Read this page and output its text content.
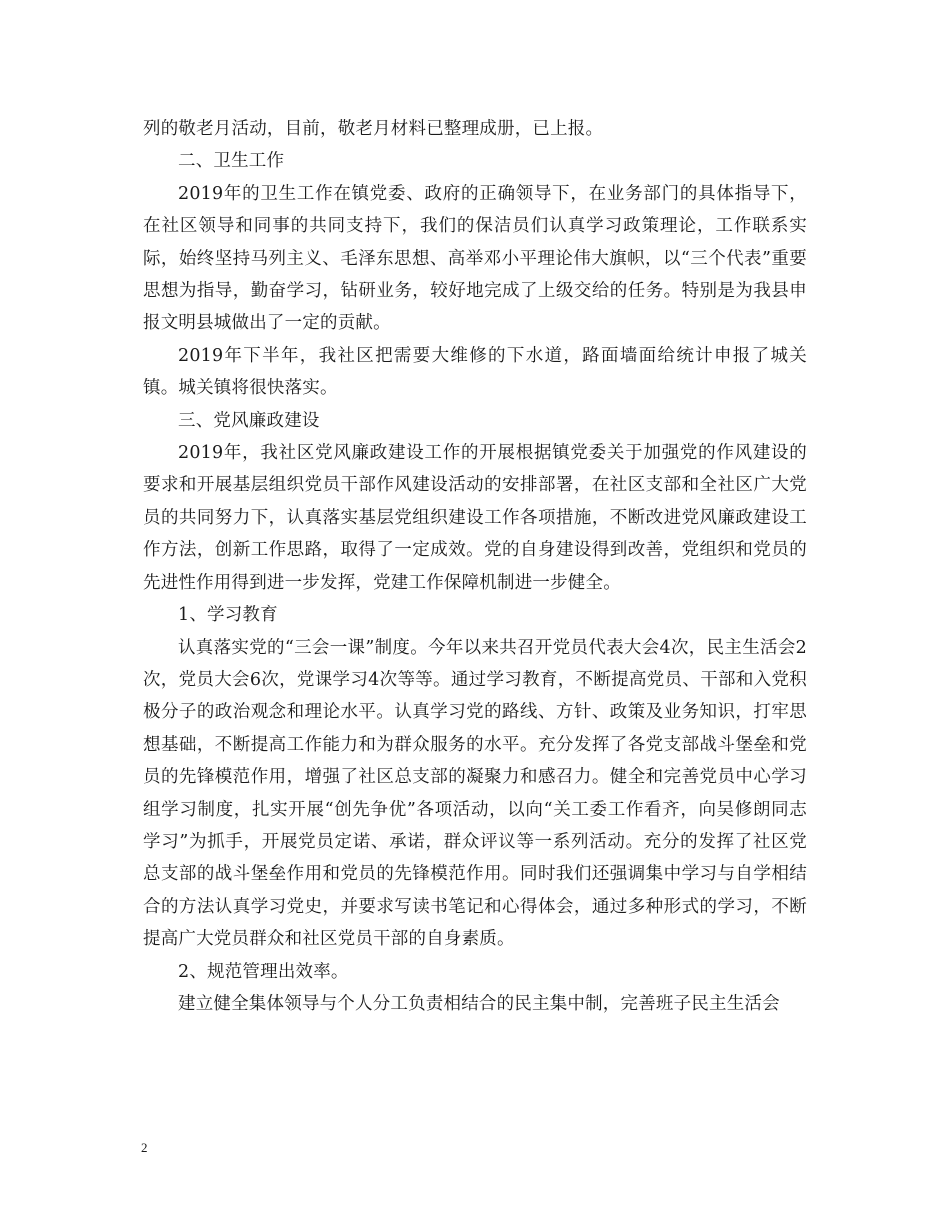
列的敬老月活动，目前，敬老月材料已整理成册，已上报。

二、卫生工作

2019年的卫生工作在镇党委、政府的正确领导下，在业务部门的具体指导下，在社区领导和同事的共同支持下，我们的保洁员们认真学习政策理论，工作联系实际，始终坚持马列主义、毛泽东思想、高举邓小平理论伟大旗帜，以“三个代表”重要思想为指导，勤奋学习，钻研业务，较好地完成了上级交给的任务。特别是为我县申报文明县城做出了一定的贡献。

2019年下半年，我社区把需要大维修的下水道，路面墙面给统计申报了城关镇。城关镇将很快落实。

三、党风廉政建设

2019年，我社区党风廉政建设工作的开展根据镇党委关于加强党的作风建设的要求和开展基层组织党员干部作风建设活动的安排部署，在社区支部和全社区广大党员的共同努力下，认真落实基层党组织建设工作各项措施，不断改进党风廉政建设工作方法，创新工作思路，取得了一定成效。党的自身建设得到改善，党组织和党员的先进性作用得到进一步发挥，党建工作保障机制进一步健全。

1、学习教育

认真落实党的“三会一课”制度。今年以来共召开党员代表大会4次，民主生活会2次，党员大会6次，党课学习4次等等。通过学习教育，不断提高党员、干部和入党积极分子的政治观念和理论水平。认真学习党的路线、方针、政策及业务知识，打牢思想基础，不断提高工作能力和为群众服务的水平。充分发挥了各党支部战斗堡垒和党员的先锋模范作用，增强了社区总支部的凝聚力和感召力。健全和完善党员中心学习组学习制度，扎实开展“创先争优”各项活动，以向“关工委工作看齐，向吴修朗同志学习”为抓手，开展党员定诺、承诺，群众评议等一系列活动。充分的发挥了社区党总支部的战斗堡垒作用和党员的先锋模范作用。同时我们还强调集中学习与自学相结合的方法认真学习党史，并要求写读书笔记和心得体会，通过多种形式的学习，不断提高广大党员群众和社区党员干部的自身素质。

2、规范管理出效率。

建立健全集体领导与个人分工负责相结合的民主集中制，完善班子民主生活会

2
